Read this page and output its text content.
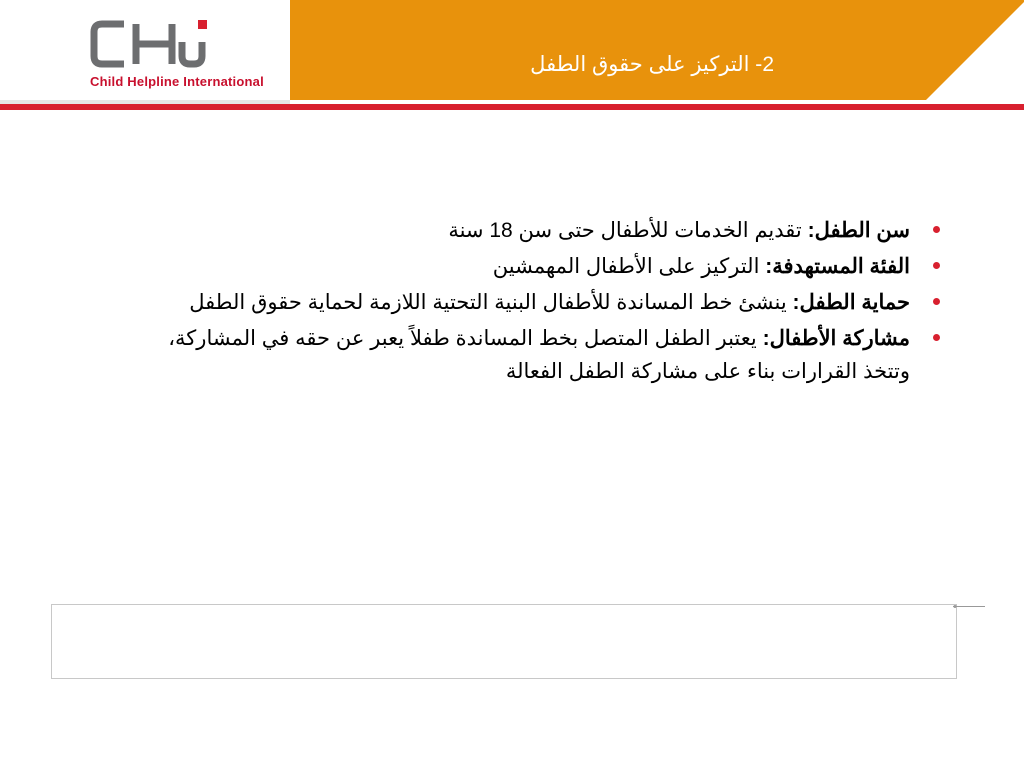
Child Helpline International
2- التركيز على حقوق الطفل
سن الطفل: تقديم الخدمات للأطفال حتى سن 18 سنة
الفئة المستهدفة: التركيز على الأطفال المهمشين
حماية الطفل: ينشئ خط المساندة للأطفال البنية التحتية اللازمة لحماية حقوق الطفل
مشاركة الأطفال: يعتبر الطفل المتصل بخط المساندة طفلاً يعبر عن حقه في المشاركة، وتتخذ القرارات بناء على مشاركة الطفل الفعالة
